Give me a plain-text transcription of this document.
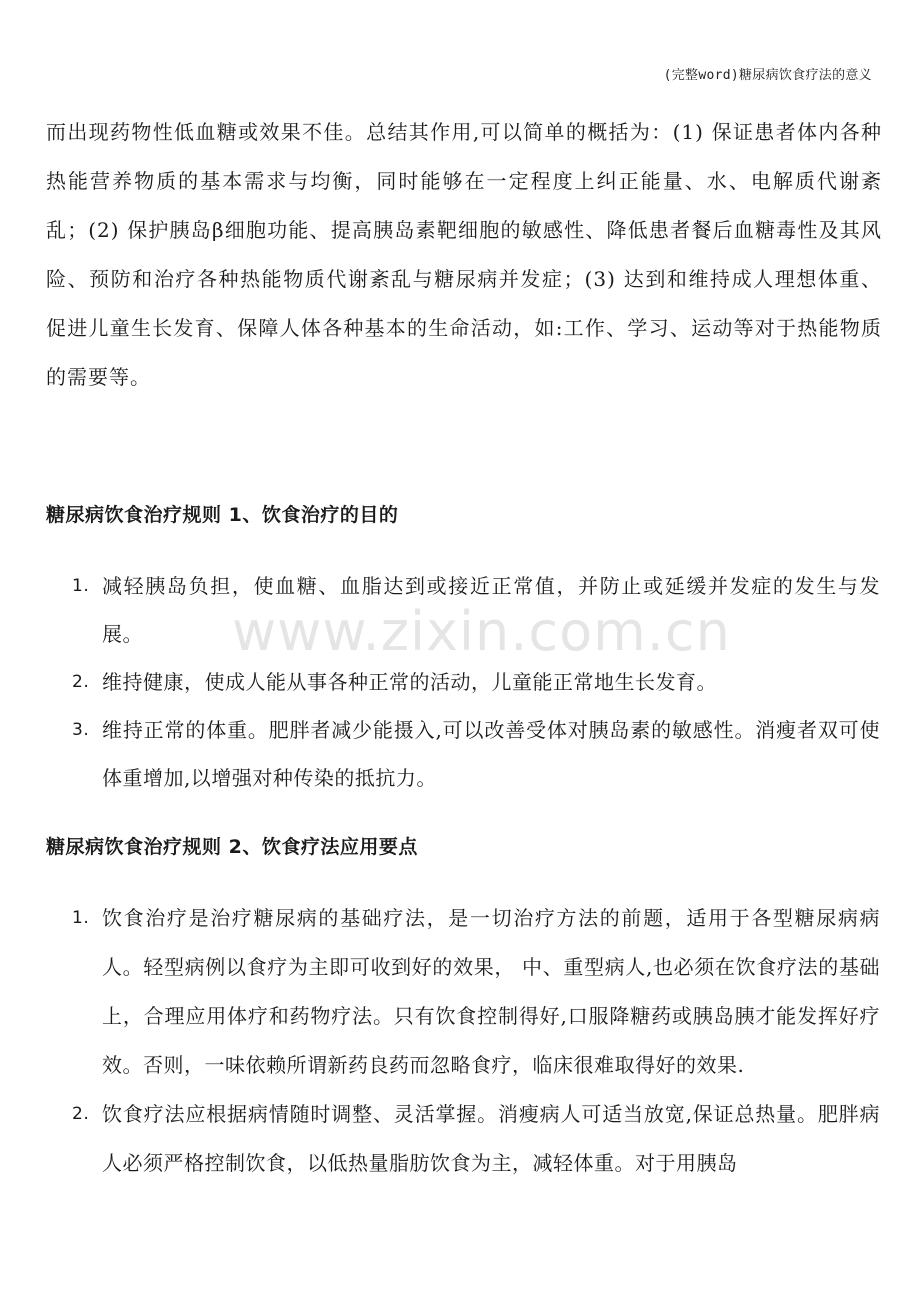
(完整word)糖尿病饮食疗法的意义

而出现药物性低血糖或效果不佳。总结其作用,可以简单的概括为：(1) 保证患者体内各种热能营养物质的基本需求与均衡，同时能够在一定程度上纠正能量、水、电解质代谢紊乱；(2) 保护胰岛β细胞功能、提高胰岛素靶细胞的敏感性、降低患者餐后血糖毒性及其风险、预防和治疗各种热能物质代谢紊乱与糖尿病并发症；(3) 达到和维持成人理想体重、促进儿童生长发育、保障人体各种基本的生命活动，如:工作、学习、运动等对于热能物质的需要等。

糖尿病饮食治疗规则 1、饮食治疗的目的
1. 减轻胰岛负担，使血糖、血脂达到或接近正常值，并防止或延缓并发症的发生与发展。
2. 维持健康，使成人能从事各种正常的活动，儿童能正常地生长发育。
3. 维持正常的体重。肥胖者减少能摄入,可以改善受体对胰岛素的敏感性。消瘦者双可使体重增加,以增强对种传染的抵抗力。
糖尿病饮食治疗规则 2、饮食疗法应用要点
1. 饮食治疗是治疗糖尿病的基础疗法，是一切治疗方法的前题，适用于各型糖尿病病人。轻型病例以食疗为主即可收到好的效果， 中、重型病人,也必须在饮食疗法的基础上，合理应用体疗和药物疗法。只有饮食控制得好,口服降糖药或胰岛胰才能发挥好疗效。否则，一味依赖所谓新药良药而忽略食疗，临床很难取得好的效果.
2. 饮食疗法应根据病情随时调整、灵活掌握。消瘦病人可适当放宽,保证总热量。肥胖病人必须严格控制饮食，以低热量脂肪饮食为主，减轻体重。对于用胰岛
www.zixin.com.cn
